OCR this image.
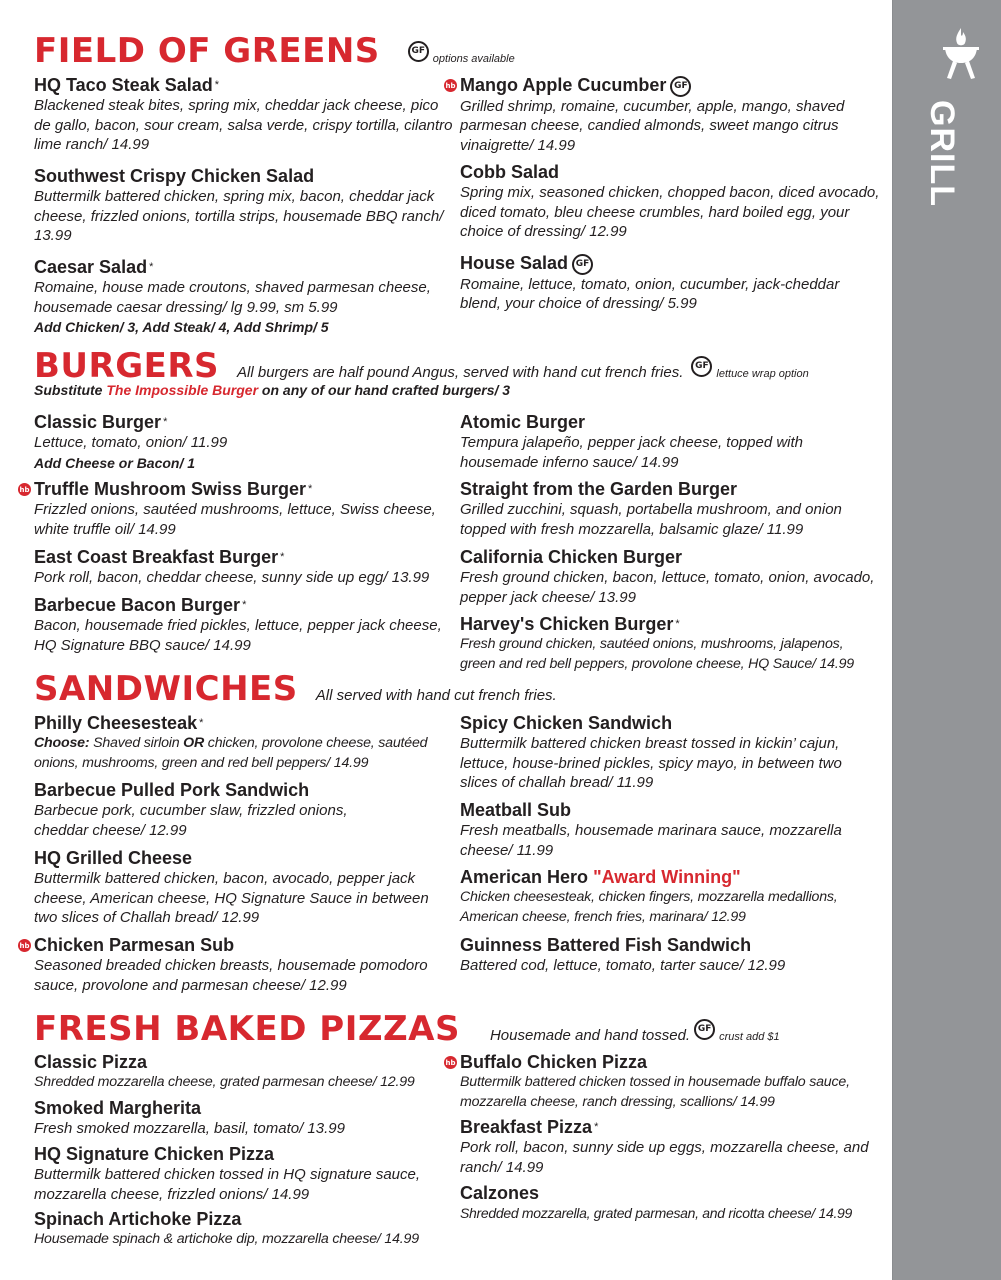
GRILL
FIELD OF GREENS	GF
options available
HQ Taco Steak Salad *
Blackened steak bites, spring mix, cheddar jack cheese, pico de gallo, bacon, sour cream, salsa verde, crispy tortilla, cilantro lime ranch/ 14.99
Southwest Crispy Chicken Salad
Buttermilk battered chicken, spring mix, bacon, cheddar jack cheese, frizzled onions, tortilla strips, housemade BBQ ranch/ 13.99
Caesar Salad *
Romaine, house made croutons, shaved parmesan cheese, housemade caesar dressing/ lg 9.99, sm 5.99
Add Chicken/ 3, Add Steak/ 4, Add Shrimp/ 5
hb Mango Apple Cucumber GF
Grilled shrimp, romaine, cucumber, apple, mango, shaved parmesan cheese, candied almonds, sweet mango citrus vinaigrette/ 14.99
Cobb Salad
Spring mix, seasoned chicken, chopped bacon, diced avocado, diced tomato, bleu cheese crumbles, hard boiled egg, your choice of dressing/ 12.99
House Salad GF
Romaine, lettuce, tomato, onion, cucumber, jack-cheddar blend, your choice of dressing/ 5.99
BURGERS All burgers are half pound Angus, served with hand cut french fries.	GF
lettuce wrap option
Substitute The Impossible Burger on any of our hand crafted burgers/ 3
Classic Burger *
Lettuce, tomato, onion/ 11.99
Add Cheese or Bacon/ 1
hb Truffle Mushroom Swiss Burger *
Frizzled onions, sautéed mushrooms, lettuce, Swiss cheese, white truffle oil/ 14.99
East Coast Breakfast Burger *
Pork roll, bacon, cheddar cheese, sunny side up egg/ 13.99
Barbecue Bacon Burger *
Bacon, housemade fried pickles, lettuce, pepper jack cheese, HQ Signature BBQ sauce/ 14.99
Atomic Burger
Tempura jalapeño, pepper jack cheese, topped with housemade inferno sauce/ 14.99
Straight from the Garden Burger
Grilled zucchini, squash, portabella mushroom, and onion topped with fresh mozzarella, balsamic glaze/ 11.99
California Chicken Burger
Fresh ground chicken, bacon, lettuce, tomato, onion, avocado, pepper jack cheese/ 13.99
Harvey's Chicken Burger *
Fresh ground chicken, sautéed onions, mushrooms, jalapenos, green and red bell peppers, provolone cheese, HQ Sauce/ 14.99
SANDWICHES All served with hand cut french fries.
Philly Cheesesteak *
Choose: Shaved sirloin OR chicken, provolone cheese, sautéed onions, mushrooms, green and red bell peppers/ 14.99
Barbecue Pulled Pork Sandwich
Barbecue pork, cucumber slaw, frizzled onions, cheddar cheese/ 12.99
HQ Grilled Cheese
Buttermilk battered chicken, bacon, avocado, pepper jack cheese, American cheese, HQ Signature Sauce in between two slices of Challah bread/ 12.99
hb Chicken Parmesan Sub
Seasoned breaded chicken breasts, housemade pomodoro sauce, provolone and parmesan cheese/ 12.99
Spicy Chicken Sandwich
Buttermilk battered chicken breast tossed in kickin’ cajun, lettuce, house-brined pickles, spicy mayo, in between two slices of challah bread/ 11.99
Meatball Sub
Fresh meatballs, housemade marinara sauce, mozzarella cheese/ 11.99
American Hero "Award Winning"
Chicken cheesesteak, chicken fingers, mozzarella medallions, American cheese, french fries, marinara/ 12.99
Guinness Battered Fish Sandwich
Battered cod, lettuce, tomato, tarter sauce/ 12.99
FRESH BAKED PIZZAS Housemade and hand tossed. GF
crust add $1
Classic Pizza
Shredded mozzarella cheese, grated parmesan cheese/ 12.99
Smoked Margherita
Fresh smoked mozzarella, basil, tomato/ 13.99
HQ Signature Chicken Pizza
Buttermilk battered chicken tossed in HQ signature sauce, mozzarella cheese, frizzled onions/ 14.99
Spinach Artichoke Pizza
Housemade spinach & artichoke dip, mozzarella cheese/ 14.99
hb Buffalo Chicken Pizza
Buttermilk battered chicken tossed in housemade buffalo sauce, mozzarella cheese, ranch dressing, scallions/ 14.99
Breakfast Pizza *
Pork roll, bacon, sunny side up eggs, mozzarella cheese, and ranch/ 14.99
Calzones
Shredded mozzarella, grated parmesan, and ricotta cheese/ 14.99
